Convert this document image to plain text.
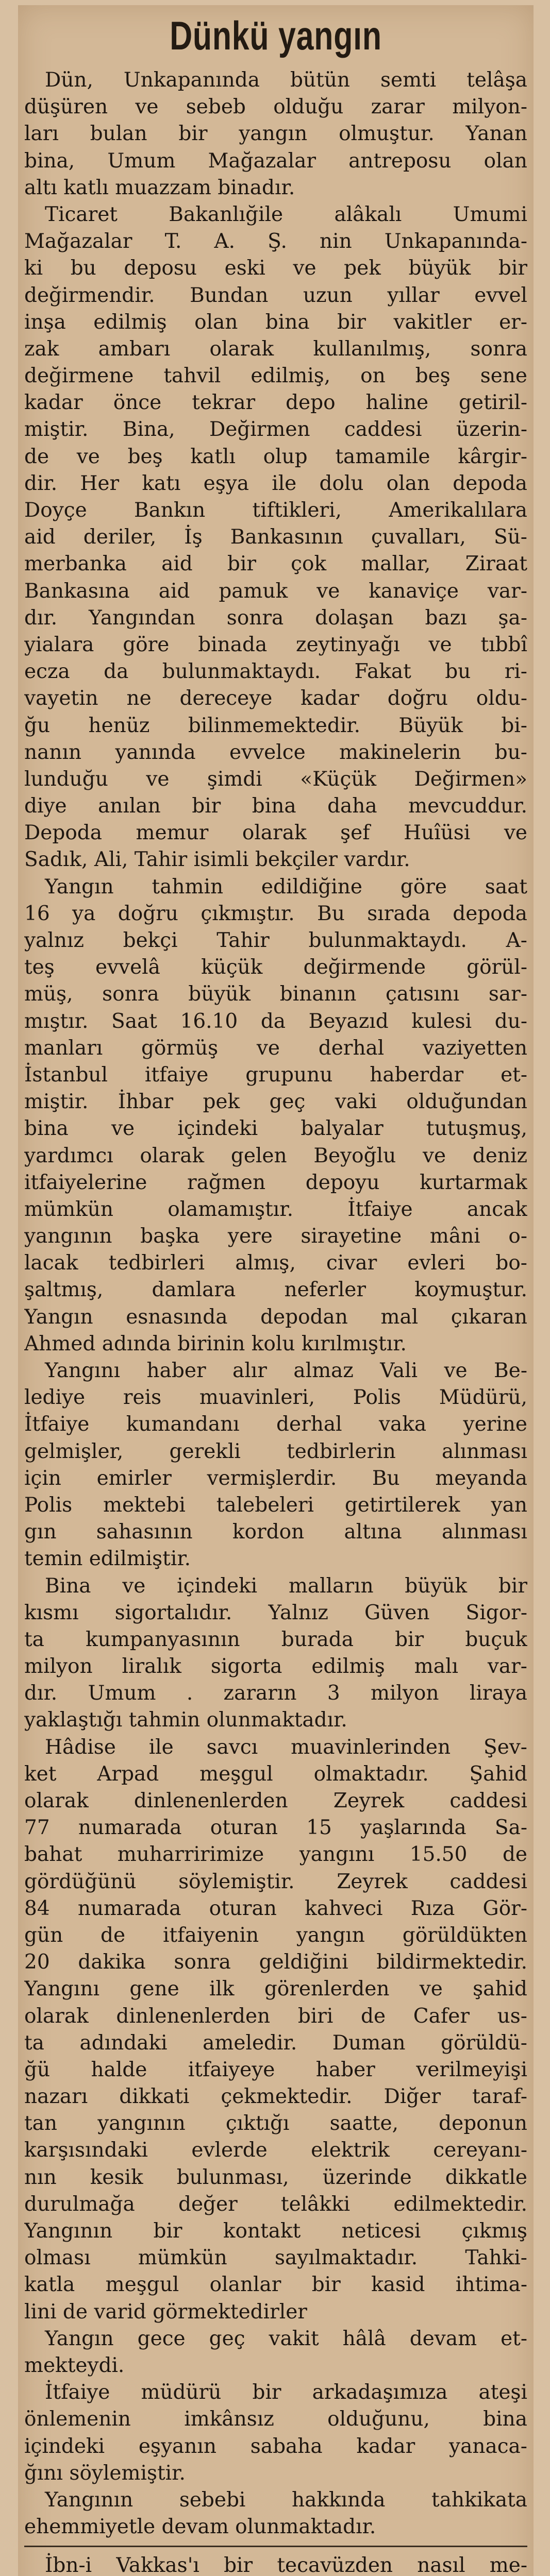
Dünkü yangın
Dün, Unkapanında bütün semti telâşa
düşüren ve sebeb olduğu zarar milyon-
ları bulan bir yangın olmuştur. Yanan
bina, Umum Mağazalar antreposu olan
altı katlı muazzam binadır.
Ticaret Bakanlığile alâkalı Umumi
Mağazalar T. A. Ş. nin Unkapanında-
ki bu deposu eski ve pek büyük bir
değirmendir. Bundan uzun yıllar evvel
inşa edilmiş olan bina bir vakitler er-
zak ambarı olarak kullanılmış, sonra
değirmene tahvil edilmiş, on beş sene
kadar önce tekrar depo haline getiril-
miştir. Bina, Değirmen caddesi üzerin-
de ve beş katlı olup tamamile kârgir-
dir. Her katı eşya ile dolu olan depoda
Doyçe Bankın tiftikleri, Amerikalılara
aid deriler, İş Bankasının çuvalları, Sü-
merbanka aid bir çok mallar, Ziraat
Bankasına aid pamuk ve kanaviçe var-
dır. Yangından sonra dolaşan bazı şa-
yialara göre binada zeytinyağı ve tıbbî
ecza da bulunmaktaydı. Fakat bu ri-
vayetin ne dereceye kadar doğru oldu-
ğu henüz bilinmemektedir. Büyük bi-
nanın yanında evvelce makinelerin bu-
lunduğu ve şimdi «Küçük Değirmen»
diye anılan bir bina daha mevcuddur.
Depoda memur olarak şef Huîüsi ve
Sadık, Ali, Tahir isimli bekçiler vardır.
Yangın tahmin edildiğine göre saat
16 ya doğru çıkmıştır. Bu sırada depoda
yalnız bekçi Tahir bulunmaktaydı. A-
teş evvelâ küçük değirmende görül-
müş, sonra büyük binanın çatısını sar-
mıştır. Saat 16.10 da Beyazıd kulesi du-
manları görmüş ve derhal vaziyetten
İstanbul itfaiye grupunu haberdar et-
miştir. İhbar pek geç vaki olduğundan
bina ve içindeki balyalar tutuşmuş,
yardımcı olarak gelen Beyoğlu ve deniz
itfaiyelerine rağmen depoyu kurtarmak
mümkün olamamıştır. İtfaiye ancak
yangının başka yere sirayetine mâni o-
lacak tedbirleri almış, civar evleri bo-
şaltmış, damlara neferler koymuştur.
Yangın esnasında depodan mal çıkaran
Ahmed adında birinin kolu kırılmıştır.
Yangını haber alır almaz Vali ve Be-
lediye reis muavinleri, Polis Müdürü,
İtfaiye kumandanı derhal vaka yerine
gelmişler, gerekli tedbirlerin alınması
için emirler vermişlerdir. Bu meyanda
Polis mektebi talebeleri getirtilerek yan
gın sahasının kordon altına alınması
temin edilmiştir.
Bina ve içindeki malların büyük bir
kısmı sigortalıdır. Yalnız Güven Sigor-
ta kumpanyasının burada bir buçuk
milyon liralık sigorta edilmiş malı var-
dır. Umum . zararın 3 milyon liraya
yaklaştığı tahmin olunmaktadır.
Hâdise ile savcı muavinlerinden Şev-
ket Arpad meşgul olmaktadır. Şahid
olarak dinlenenlerden Zeyrek caddesi
77 numarada oturan 15 yaşlarında Sa-
bahat muharririmize yangını 15.50 de
gördüğünü söylemiştir. Zeyrek caddesi
84 numarada oturan kahveci Rıza Gör-
gün de itfaiyenin yangın görüldükten
20 dakika sonra geldiğini bildirmektedir.
Yangını gene ilk görenlerden ve şahid
olarak dinlenenlerden biri de Cafer us-
ta adındaki ameledir. Duman görüldü-
ğü halde itfaiyeye haber verilmeyişi
nazarı dikkati çekmektedir. Diğer taraf-
tan yangının çıktığı saatte, deponun
karşısındaki evlerde elektrik cereyanı-
nın kesik bulunması, üzerinde dikkatle
durulmağa değer telâkki edilmektedir.
Yangının bir kontakt neticesi çıkmış
olması mümkün sayılmaktadır. Tahki-
katla meşgul olanlar bir kasid ihtima-
lini de varid görmektedirler
Yangın gece geç vakit hâlâ devam et-
mekteydi.
İtfaiye müdürü bir arkadaşımıza ateşi
önlemenin imkânsız olduğunu, bina
içindeki eşyanın sabaha kadar yanaca-
ğını söylemiştir.
Yangının sebebi hakkında tahkikata
ehemmiyetle devam olunmaktadır.
İbn-i Vakkas'ı bir tecavüzden nasıl me-
